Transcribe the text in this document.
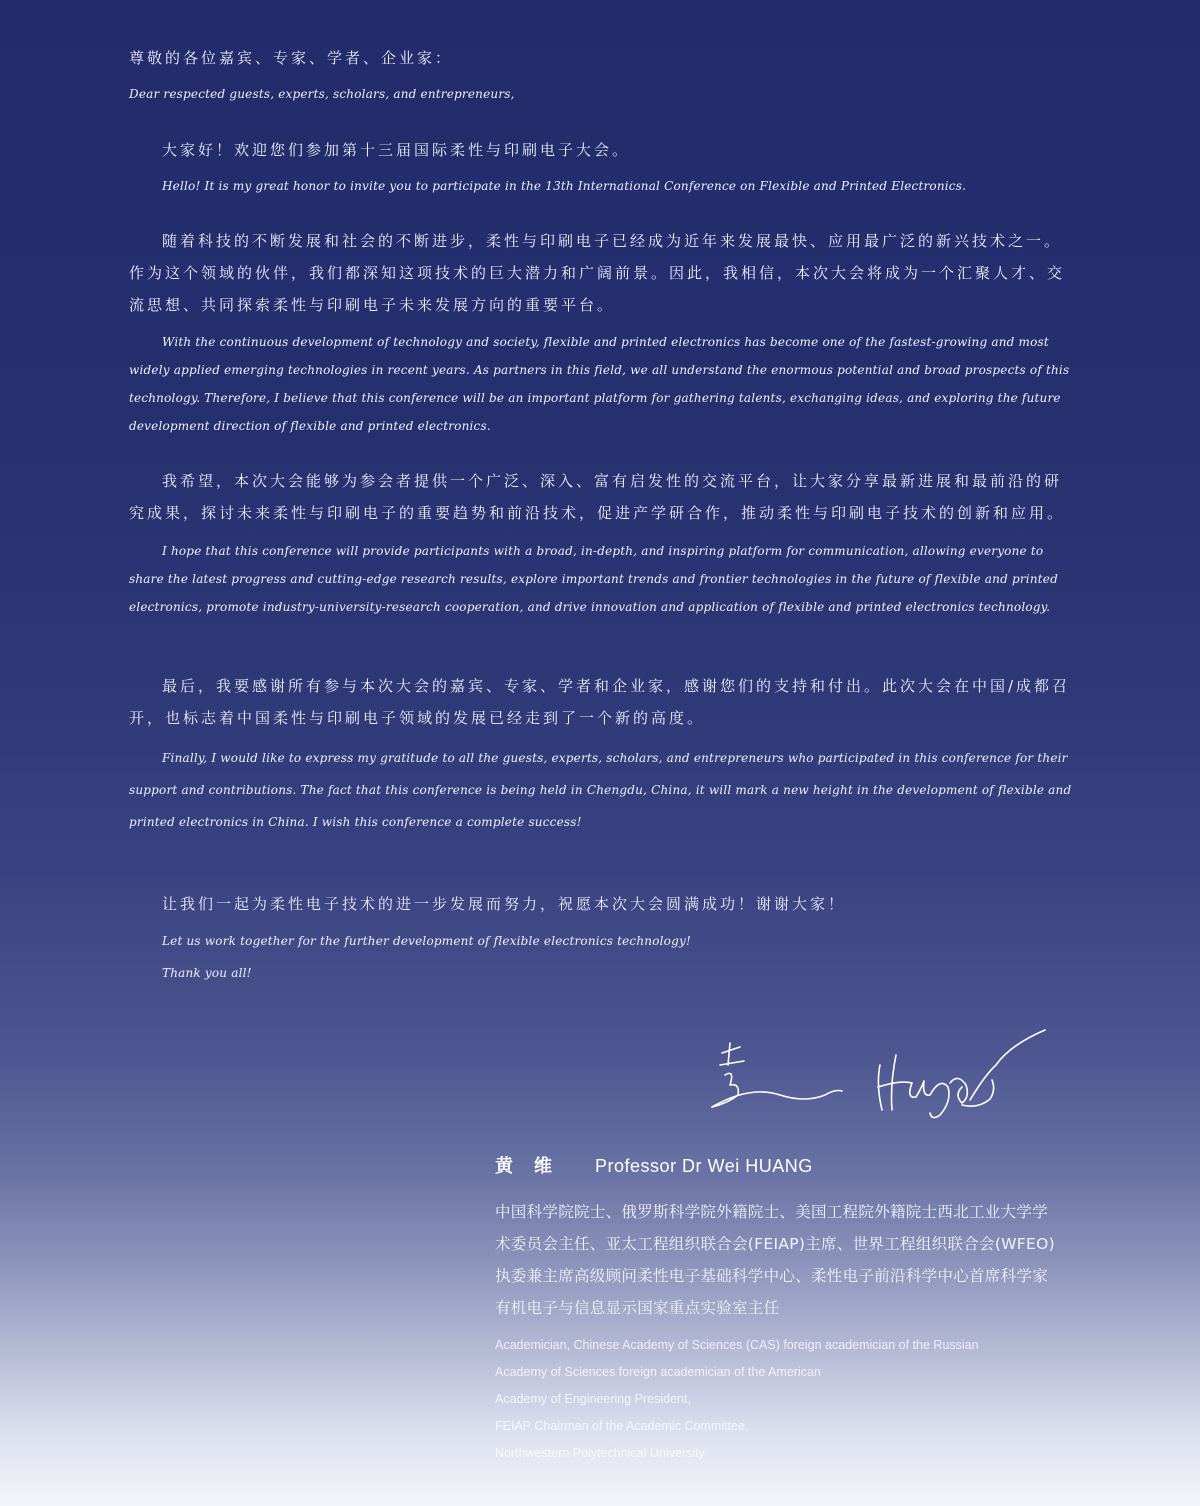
尊敬的各位嘉宾、专家、学者、企业家：
Dear respected guests, experts, scholars, and entrepreneurs,
大家好！欢迎您们参加第十三届国际柔性与印刷电子大会。
Hello! It is my great honor to invite you to participate in the 13th International Conference on Flexible and Printed Electronics.

随着科技的不断发展和社会的不断进步，柔性与印刷电子已经成为近年来发展最快、应用最广泛的新兴技术之一。作为这个领域的伙伴，我们都深知这项技术的巨大潜力和广阔前景。因此，我相信，本次大会将成为一个汇聚人才、交流思想、共同探索柔性与印刷电子未来发展方向的重要平台。

With the continuous development of technology and society, flexible and printed electronics has become one of the fastest-growing and most widely applied emerging technologies in recent years. As partners in this field, we all understand the enormous potential and broad prospects of this technology. Therefore, I believe that this conference will be an important platform for gathering talents, exchanging ideas, and exploring the future development direction of flexible and printed electronics.

我希望，本次大会能够为参会者提供一个广泛、深入、富有启发性的交流平台，让大家分享最新进展和最前沿的研究成果，探讨未来柔性与印刷电子的重要趋势和前沿技术，促进产学研合作，推动柔性与印刷电子技术的创新和应用。

I hope that this conference will provide participants with a broad, in-depth, and inspiring platform for communication, allowing everyone to share the latest progress and cutting-edge research results, explore important trends and frontier technologies in the future of flexible and printed electronics, promote industry-university-research cooperation, and drive innovation and application of flexible and printed electronics technology.

最后，我要感谢所有参与本次大会的嘉宾、专家、学者和企业家，感谢您们的支持和付出。此次大会在中国/成都召开，也标志着中国柔性与印刷电子领域的发展已经走到了一个新的高度。

Finally, I would like to express my gratitude to all the guests, experts, scholars, and entrepreneurs who participated in this conference for their support and contributions. The fact that this conference is being held in Chengdu, China, it will mark a new height in the development of flexible and printed electronics in China. I wish this conference a complete success!

让我们一起为柔性电子技术的进一步发展而努力，祝愿本次大会圆满成功！谢谢大家！
Let us work together for the further development of flexible electronics technology!
Thank you all!
黄 维 Professor Dr Wei HUANG
中国科学院院士、俄罗斯科学院外籍院士、美国工程院外籍院士西北工业大学学
术委员会主任、亚太工程组织联合会(FEIAP)主席、世界工程组织联合会(WFEO)
执委兼主席高级顾问柔性电子基础科学中心、柔性电子前沿科学中心首席科学家
有机电子与信息显示国家重点实验室主任
Academician, Chinese Academy of Sciences (CAS) foreign academician of the Russian
Academy of Sciences foreign academician of the American
Academy of Engineering President,
FEIAP Chairman of the Academic Committee,
Northwestern Polytechnical University
